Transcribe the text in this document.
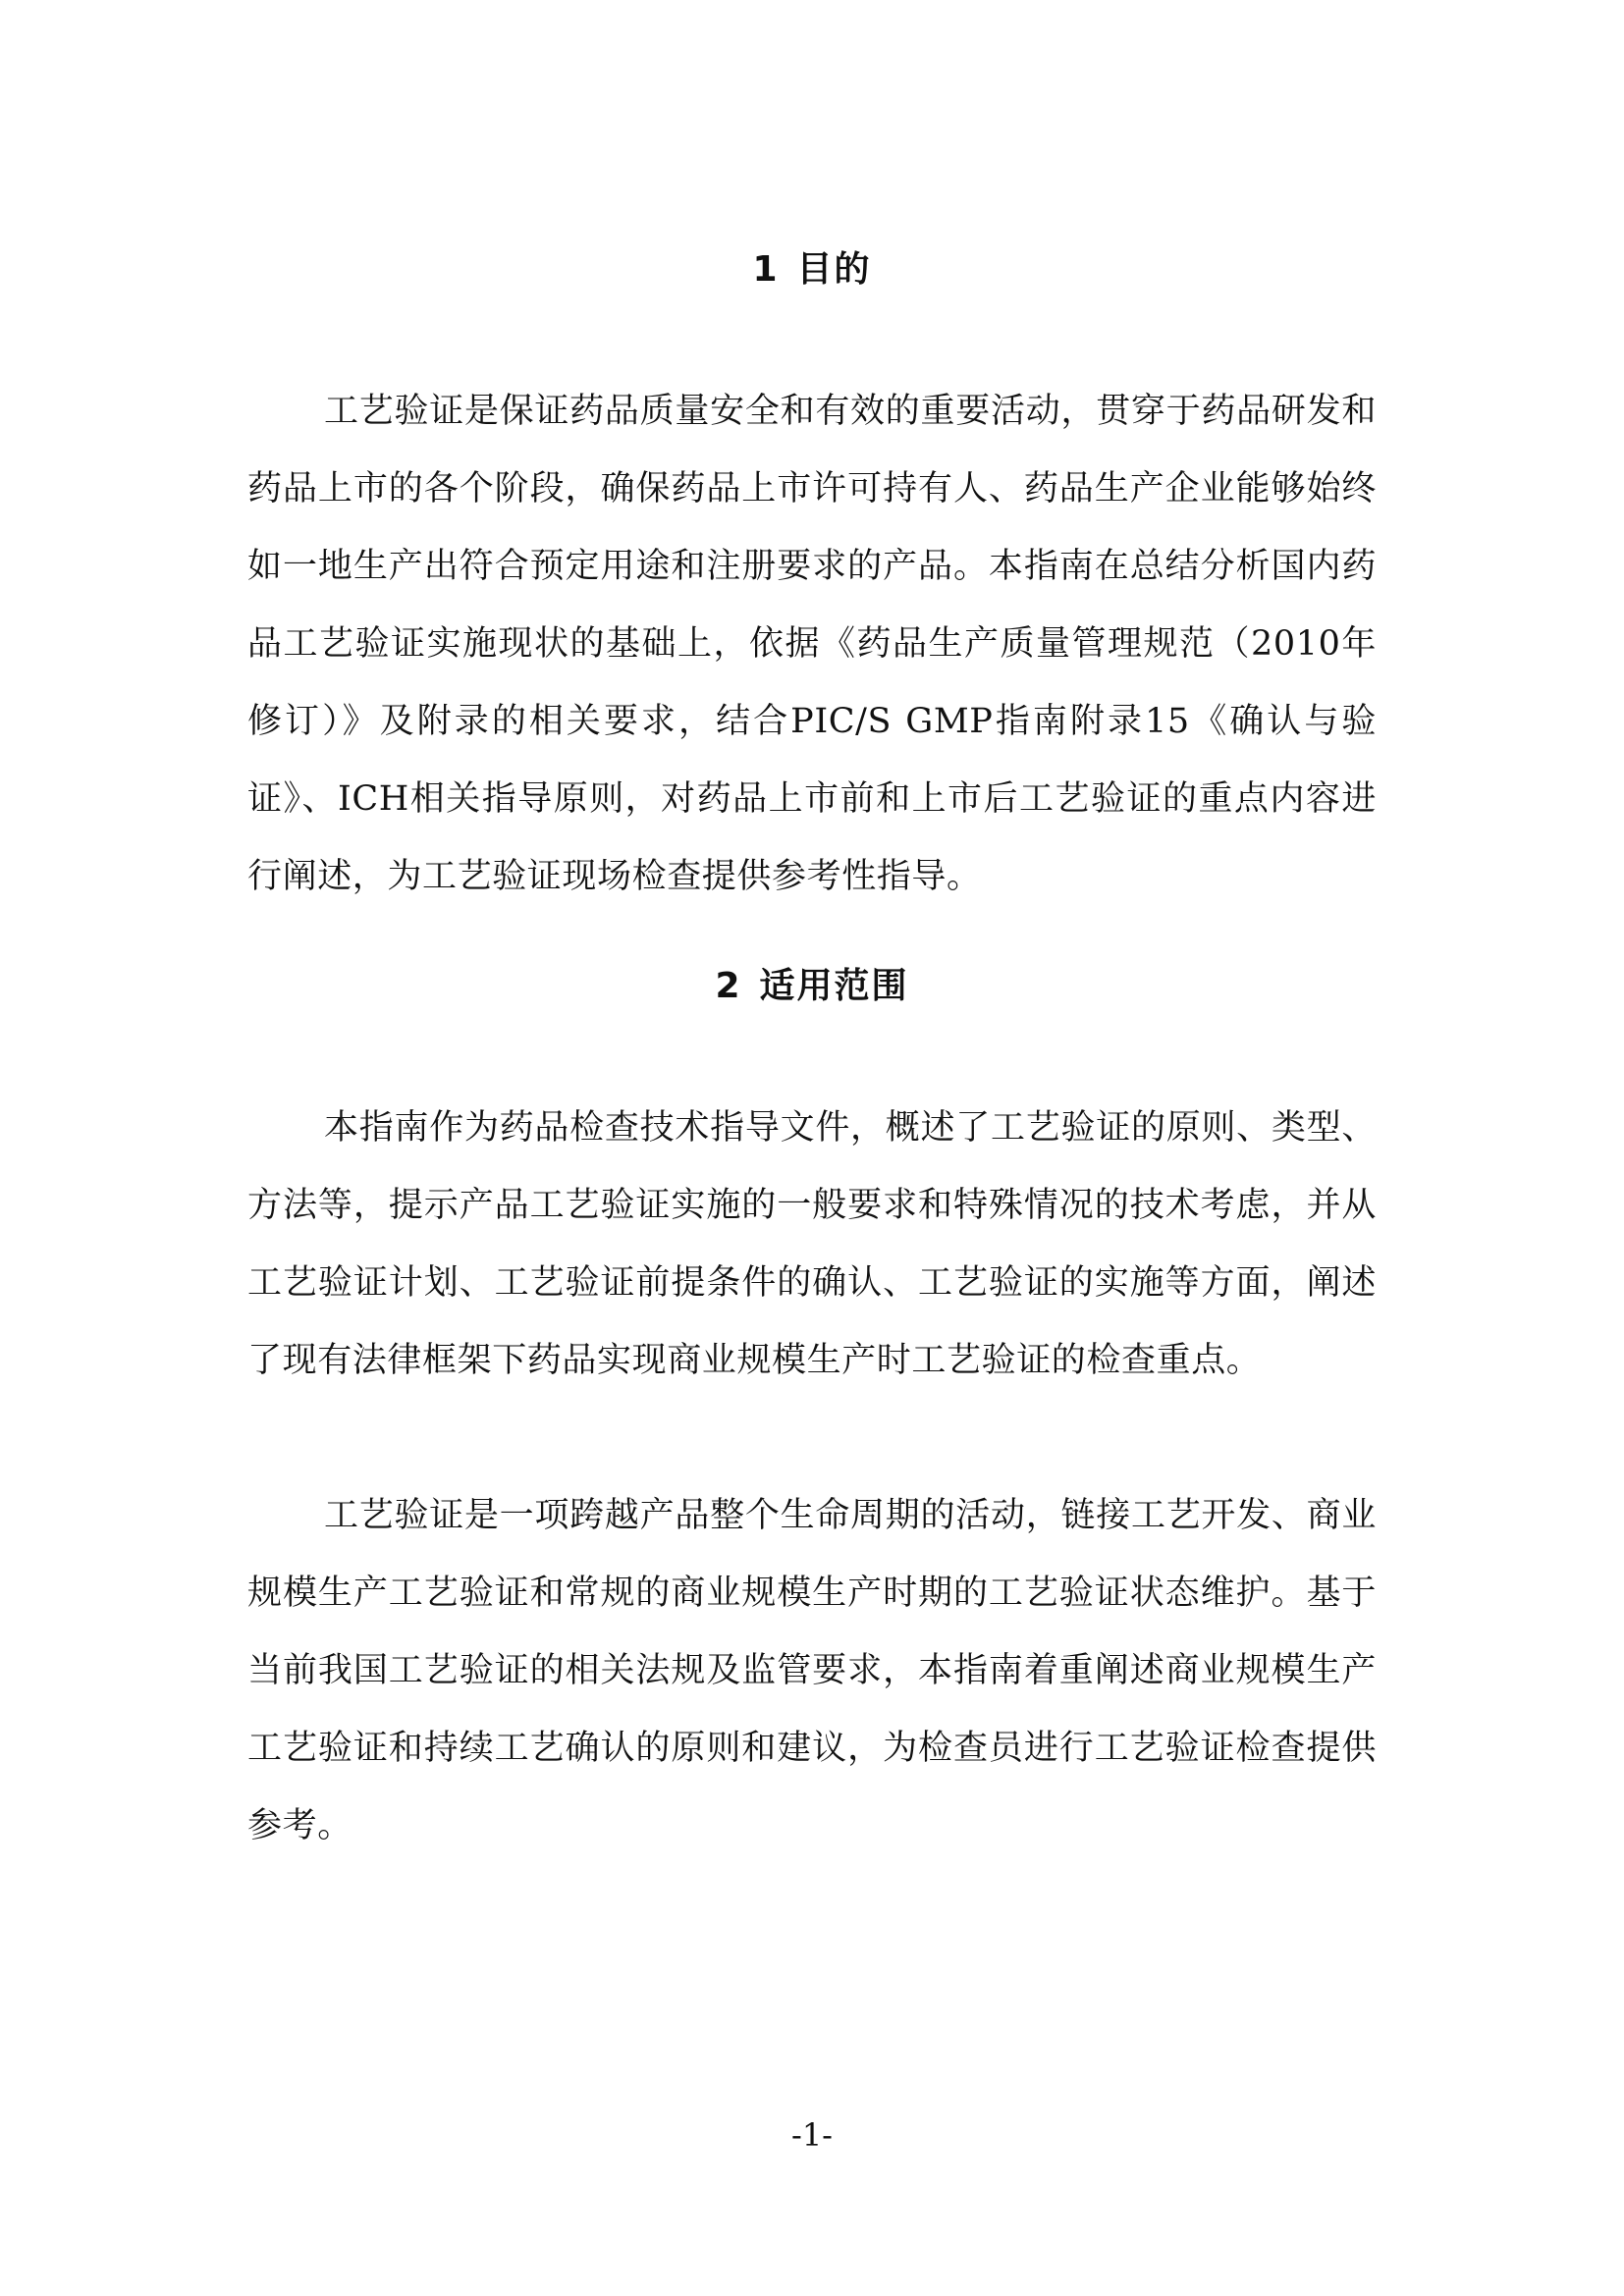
1 目的

工艺验证是保证药品质量安全和有效的重要活动，贯穿于药品研发和药品上市的各个阶段，确保药品上市许可持有人、药品生产企业能够始终如一地生产出符合预定用途和注册要求的产品。本指南在总结分析国内药品工艺验证实施现状的基础上，依据《药品生产质量管理规范（2010年修订）》及附录的相关要求，结合PIC/S GMP指南附录15《确认与验证》、ICH相关指导原则，对药品上市前和上市后工艺验证的重点内容进行阐述，为工艺验证现场检查提供参考性指导。

2 适用范围

本指南作为药品检查技术指导文件，概述了工艺验证的原则、类型、方法等，提示产品工艺验证实施的一般要求和特殊情况的技术考虑，并从工艺验证计划、工艺验证前提条件的确认、工艺验证的实施等方面，阐述了现有法律框架下药品实现商业规模生产时工艺验证的检查重点。

工艺验证是一项跨越产品整个生命周期的活动，链接工艺开发、商业规模生产工艺验证和常规的商业规模生产时期的工艺验证状态维护。基于当前我国工艺验证的相关法规及监管要求，本指南着重阐述商业规模生产工艺验证和持续工艺确认的原则和建议，为检查员进行工艺验证检查提供参考。

-1-
